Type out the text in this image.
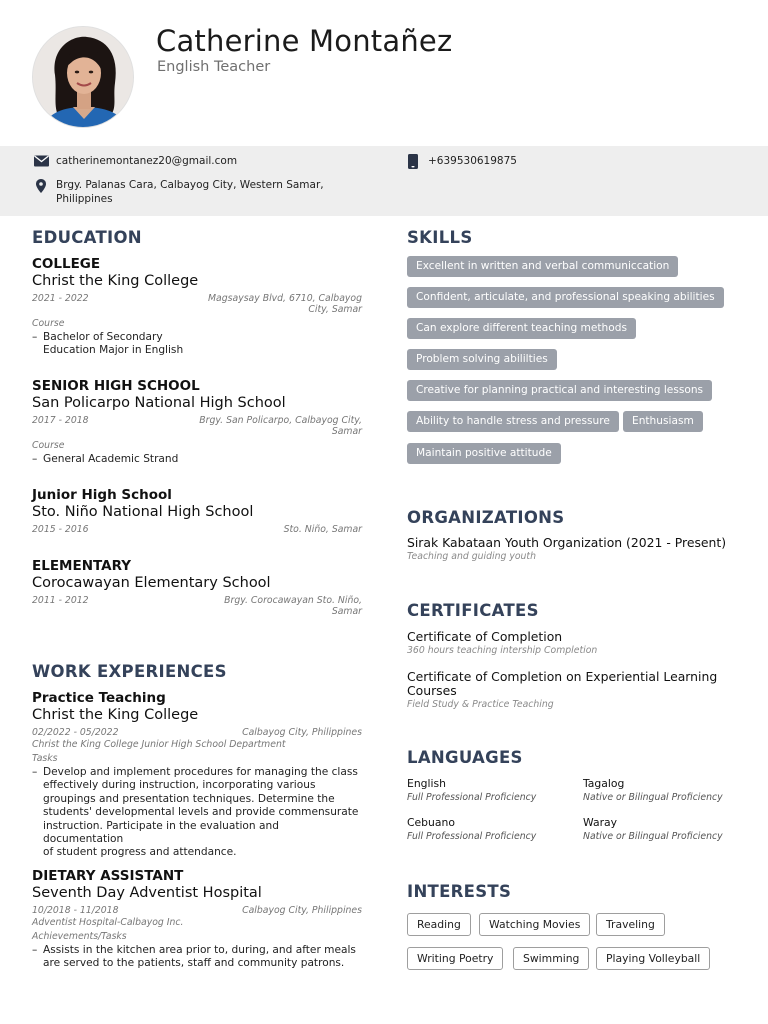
Catherine Montañez
English Teacher
catherinemontanez20@gmail.com	+639530619875
Brgy. Palanas Cara, Calbayog City, Western Samar,
Philippines
EDUCATION
COLLEGE
Christ the King College
2021 - 2022	Magsaysay Blvd, 6710, Calbayog
City, Samar
Course
– Bachelor of Secondary
Education Major in English
SENIOR HIGH SCHOOL
San Policarpo National High School
2017 - 2018	Brgy. San Policarpo, Calbayog City,
Samar
Course
– General Academic Strand
Junior High School
Sto. Niño National High School
2015 - 2016	Sto. Niño, Samar
ELEMENTARY
Corocawayan Elementary School
2011 - 2012	Brgy. Corocawayan Sto. Niño,
Samar
WORK EXPERIENCES
Practice Teaching
Christ the King College
02/2022 - 05/2022	Calbayog City, Philippines
Christ the King College Junior High School Department
Tasks
– Develop and implement procedures for managing the class
effectively during instruction, incorporating various
groupings and presentation techniques. Determine the
students' developmental levels and provide commensurate
instruction. Participate in the evaluation and documentation
of student progress and attendance.
DIETARY ASSISTANT
Seventh Day Adventist Hospital
10/2018 - 11/2018	Calbayog City, Philippines
Adventist Hospital-Calbayog Inc.
Achievements/Tasks
– Assists in the kitchen area prior to, during, and after meals
are served to the patients, staff and community patrons.
SKILLS
Excellent in written and verbal communiccation
Confident, articulate, and professional speaking abilities
Can explore different teaching methods
Problem solving abililties
Creative for planning practical and interesting lessons
Ability to handle stress and pressure	Enthusiasm
Maintain positive attitude
ORGANIZATIONS
Sirak Kabataan Youth Organization (2021 - Present)
Teaching and guiding youth
CERTIFICATES
Certificate of Completion
360 hours teaching intership Completion
Certificate of Completion on Experiential Learning
Courses
Field Study & Practice Teaching
LANGUAGES
English
Full Professional Proficiency
Tagalog
Native or Bilingual Proficiency
Cebuano
Full Professional Proficiency
Waray
Native or Bilingual Proficiency
INTERESTS
Reading	Watching Movies	Traveling
Writing Poetry	Swimming	Playing Volleyball
